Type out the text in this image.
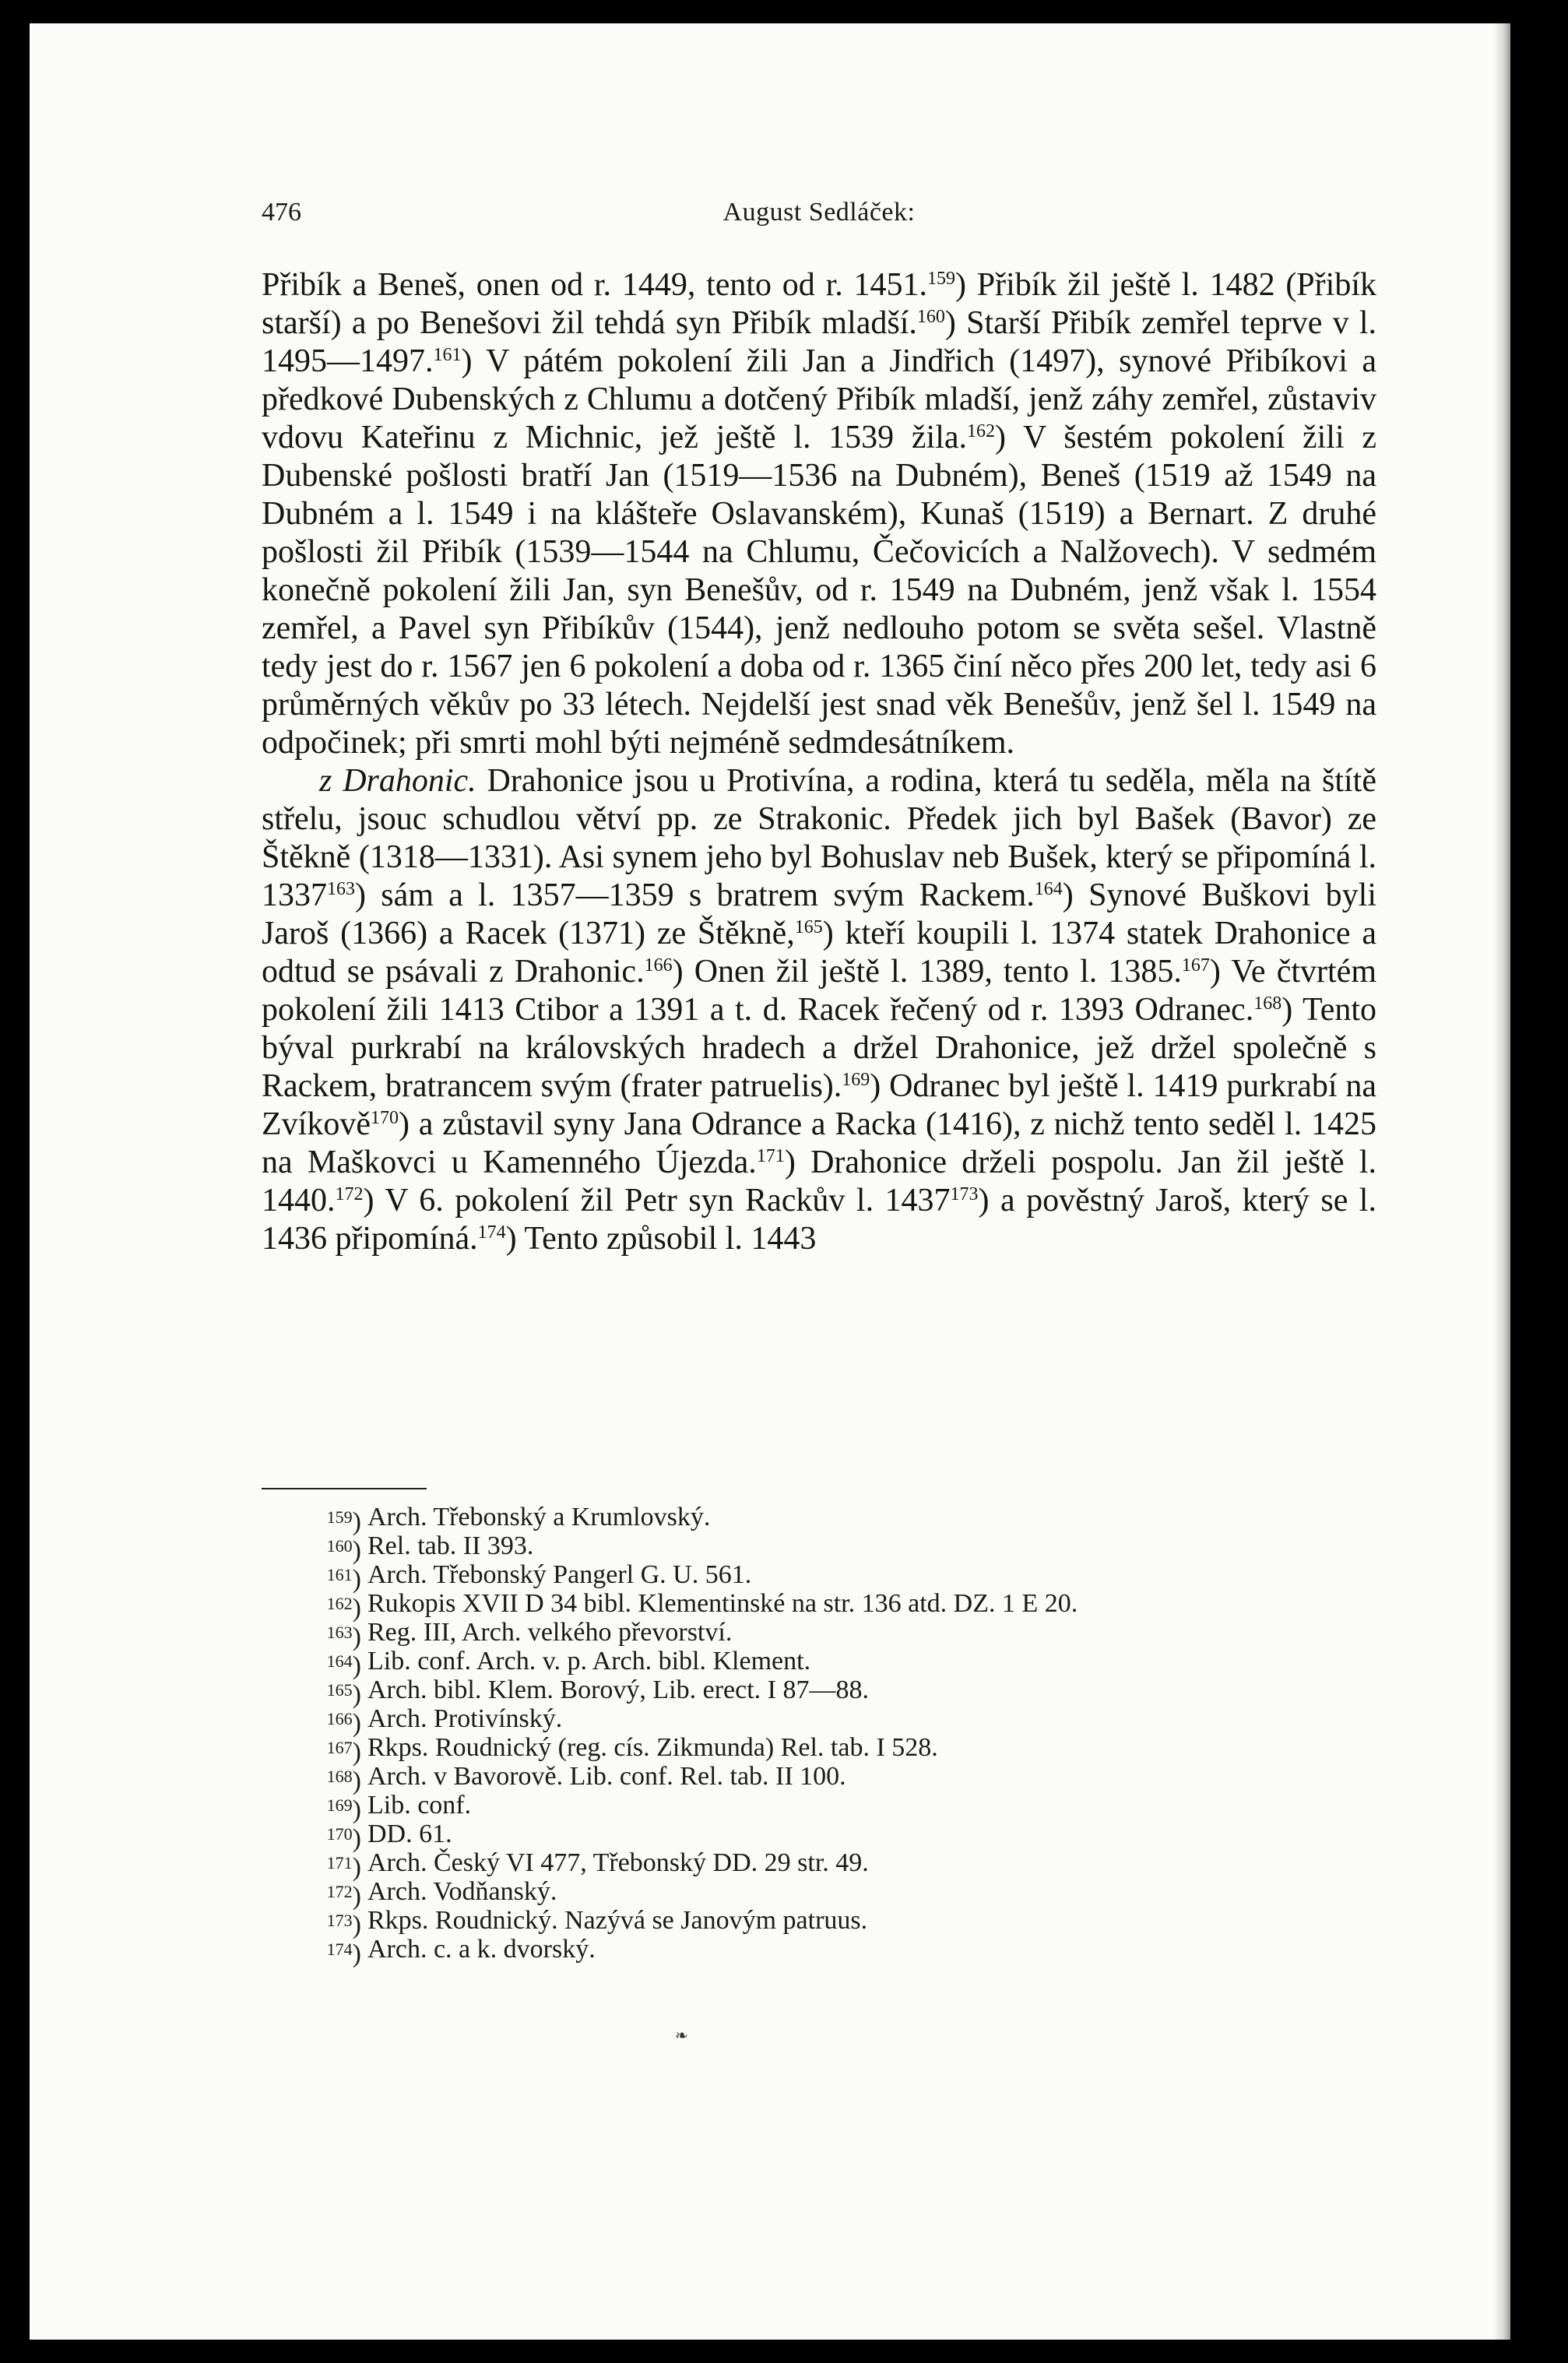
476	August Sedláček:

Přibík a Beneš, onen od r. 1449, tento od r. 1451.$^{159}$) Přibík žil ještě l. 1482 (Přibík starší) a po Benešovi žil tehdá syn Přibík mladší.$^{160}$) Starší Přibík zemřel teprve v l. 1495—1497.$^{161}$) V pátém pokolení žili Jan a Jindřich (1497), synové Přibíkovi a předkové Dubenských z Chlumu a dotčený Přibík mladší, jenž záhy zemřel, zůstaviv vdovu Kateřinu z Michnic, jež ještě l. 1539 žila.$^{162}$) V šestém pokolení žili z Dubenské pošlosti bratří Jan (1519—1536 na Dubném), Beneš (1519 až 1549 na Dubném a l. 1549 i na klášteře Oslavanském), Kunaš (1519) a Bernart. Z druhé pošlosti žil Přibík (1539—1544 na Chlumu, Čečovicích a Nalžovech). V sedmém konečně pokolení žili Jan, syn Benešův, od r. 1549 na Dubném, jenž však l. 1554 zemřel, a Pavel syn Přibíkův (1544), jenž nedlouho potom se světa sešel. Vlastně tedy jest do r. 1567 jen 6 pokolení a doba od r. 1365 činí něco přes 200 let, tedy asi 6 průměrných věkův po 33 létech. Nejdelší jest snad věk Benešův, jenž šel l. 1549 na odpočinek; při smrti mohl býti nejméně sedmdesátníkem.

z Drahonic. Drahonice jsou u Protivína, a rodina, která tu seděla, měla na štítě střelu, jsouc schudlou větví pp. ze Strakonic. Předek jich byl Bašek (Bavor) ze Štěkně (1318—1331). Asi synem jeho byl Bohuslav neb Bušek, který se připomíná l. 1337$^{163}$) sám a l. 1357—1359 s bratrem svým Rackem.$^{164}$) Synové Buškovi byli Jaroš (1366) a Racek (1371) ze Štěkně,$^{165}$) kteří koupili l. 1374 statek Drahonice a odtud se psávali z Drahonic.$^{166}$) Onen žil ještě l. 1389, tento l. 1385.$^{167}$) Ve čtvrtém pokolení žili 1413 Ctibor a 1391 a t. d. Racek řečený od r. 1393 Odranec.$^{168}$) Tento býval purkrabí na královských hradech a držel Drahonice, jež držel společně s Rackem, bratrancem svým (frater patruelis).$^{169}$) Odranec byl ještě l. 1419 purkrabí na Zvíkově$^{170}$) a zůstavil syny Jana Odrance a Racka (1416), z nichž tento seděl l. 1425 na Maškovci u Kamenného Újezda.$^{171}$) Drahonice drželi pospolu. Jan žil ještě l. 1440.$^{172}$) V 6. pokolení žil Petr syn Rackův l. 1437$^{173}$) a pověstný Jaroš, který se l. 1436 připomíná.$^{174}$) Tento způsobil l. 1443

$^{159}$) Arch. Třebonský a Krumlovský.
$^{160}$) Rel. tab. II 393.
$^{161}$) Arch. Třebonský Pangerl G. U. 561.
$^{162}$) Rukopis XVII D 34 bibl. Klementinské na str. 136 atd. DZ. 1 E 20.
$^{163}$) Reg. III, Arch. velkého převorství.
$^{164}$) Lib. conf. Arch. v. p. Arch. bibl. Klement.
$^{165}$) Arch. bibl. Klem. Borový, Lib. erect. I 87—88.
$^{166}$) Arch. Protivínský.
$^{167}$) Rkps. Roudnický (reg. cís. Zikmunda) Rel. tab. I 528.
$^{168}$) Arch. v Bavorově. Lib. conf. Rel. tab. II 100.
$^{169}$) Lib. conf.
$^{170}$) DD. 61.
$^{171}$) Arch. Český VI 477, Třebonský DD. 29 str. 49.
$^{172}$) Arch. Vodňanský.
$^{173}$) Rkps. Roudnický. Nazývá se Janovým patruus.
$^{174}$) Arch. c. a k. dvorský.
❧
